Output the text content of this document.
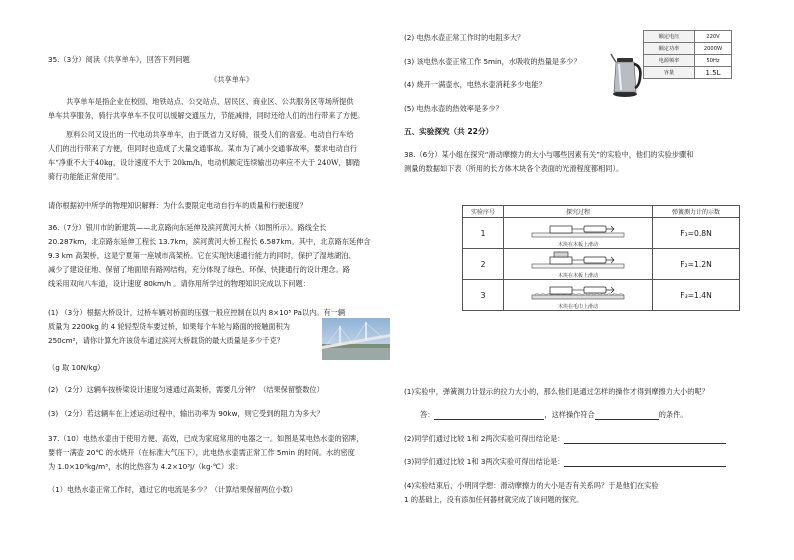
35.（3分）阅读《共享单车》，回答下列问题
《共享单车》
共享单车是指企业在校园、地铁站点、公交站点、居民区、商业区、公共服务区等场所提供
单车共享服务，骑行共享单车不仅可以缓解交通压力，节能减排，同时还给人们的出行带来了方便。
原料公司又设出的一代电动共享单车，由于既省力又好骑，很受人们的喜爱。电动自行车给
人们的出行带来了方便，但同时也造成了大量交通事故。某市为了减小交通事故率，要求电动自行
车“净重不大于40kg，设计速度不大于 20km/h，电动机额定连续输出功率应不大于 240W，脚踏
骑行功能能正常使用”。
请你根据初中所学的物理知识解释：为什么要限定电动自行车的质量和行驶速度？
36.（7分）银川市的新建筑——北京路向东延伸及滨河黄河大桥（如图所示）。路线全长
20.287km，北京路东延伸工程长 13.7km，滨河黄河大桥工程长 6.587km。其中，北京路东延伸含
9.3 km 高架桥，这是宁夏第一座城市高架桥。它在实现快速通行能力的同时，保护了湿地湖泊、
减少了建设征地、保留了地面原有路网结构，充分体现了绿色、环保、快捷通行的设计理念。路
线采用双向八车道，设计速度 80km/h 。请你用所学过的物理知识完成以下问题：
(1) （3分）根据大桥设计，过桥车辆对桥面的压强一般应控制在以内 8×10⁵ Pa以内。有一辆
质量为 2200kg 的 4 轮轻型货车要过桥，如果每个车轮与路面的接触面积为
250cm²，请你计算允许该货车通过滨河大桥载货的最大质量是多少千克？
（g 取 10N/kg）
(2) （2分）这辆车按桥梁设计速度匀速通过高架桥，需要几分钟？（结果保留整数位）
(3) （2分）若这辆车在上述运动过程中，输出功率为 90kw，则它受到的阻力为多大？
37.（10）电热水壶由于使用方便、高效，已成为家庭常用的电器之一。如图是某电热水壶的铭牌，
要将一满壶 20℃ 的水烧开（在标准大气压下），此电热水壶需正常工作 5min 的时间。水的密度
为 1.0×10³kg/m³，水的比热容为 4.2×10³J/（kg·℃）求：
（1）电热水壶正常工作时，通过它的电流是多少？（计算结果保留两位小数）
(2) 电热水壶正常工作时的电阻多大？
(3) 该电热水壶正常工作 5min，水吸收的热量是多少？
(4) 烧开一满壶水，电热水壶消耗多少电能？
(5) 电热水壶的热效率是多少？
额定电压	220V
额定功率	2000W
电源频率	50Hz
容量	1.5L
五、实验探究（共 22分）
38.（6分）某小组在探究“滑动摩擦力的大小与哪些因素有关”的实验中，他们的实验步骤和
测量的数据如下表（所用的长方体木块各个表面的光滑程度都相同）。
实验序号	探究过程	弹簧测力计的示数
1	木块在木板上滑动	F₁=0.8N
2	木块在木板上滑动	F₂=1.2N
3	木块在毛巾上滑动	F₃=1.4N
(1)实验中，弹簧测力计显示的拉力大小的，那么他们是通过怎样的操作才得到摩擦力大小的呢？
答：	，这样操作符合	的条件。
(2)同学们通过比较 1和 2两次实验可得出结论是：
(3)同学们通过比较 1和 3两次实验可得出结论是：
(4)实验结束后，小明同学想：滑动摩擦力的大小是否有关系吗？于是他们在实验
1 的基础上，没有添加任何器材就完成了该问题的探究。
